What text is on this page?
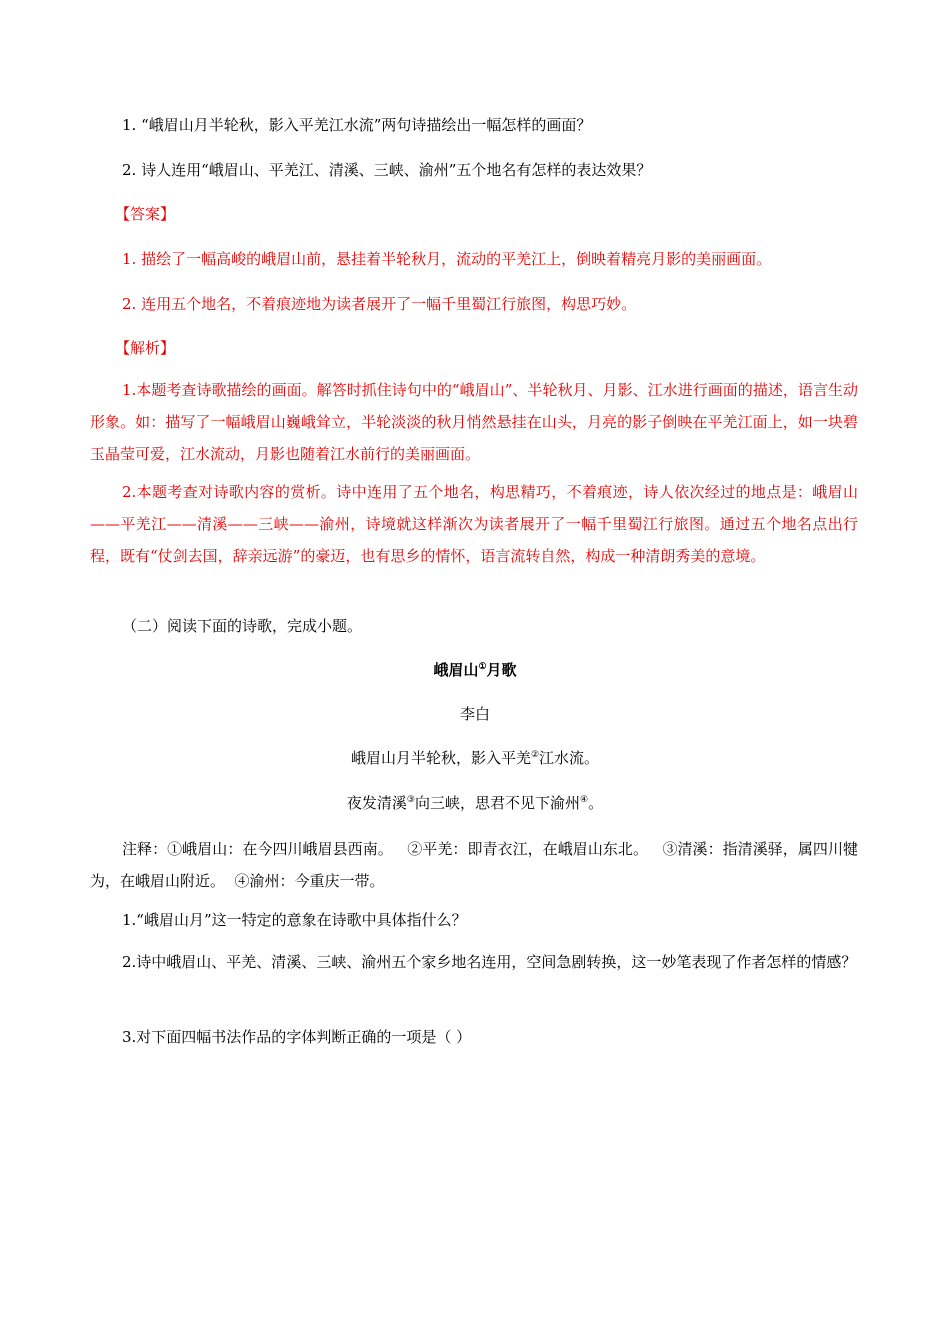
1. “峨眉山月半轮秋，影入平羌江水流”两句诗描绘出一幅怎样的画面？
2. 诗人连用“峨眉山、平羌江、清溪、三峡、渝州”五个地名有怎样的表达效果？
【答案】
1. 描绘了一幅高峻的峨眉山前，悬挂着半轮秋月，流动的平羌江上，倒映着精亮月影的美丽画面。
2. 连用五个地名，不着痕迹地为读者展开了一幅千里蜀江行旅图，构思巧妙。
【解析】
1.本题考查诗歌描绘的画面。解答时抓住诗句中的“峨眉山”、半轮秋月、月影、江水进行画面的描述，语言生动形象。如：描写了一幅峨眉山巍峨耸立，半轮淡淡的秋月悄然悬挂在山头，月亮的影子倒映在平羌江面上，如一块碧玉晶莹可爱，江水流动，月影也随着江水前行的美丽画面。
2.本题考查对诗歌内容的赏析。诗中连用了五个地名，构思精巧，不着痕迹，诗人依次经过的地点是：峨眉山——平羌江——清溪——三峡——渝州，诗境就这样渐次为读者展开了一幅千里蜀江行旅图。通过五个地名点出行程，既有“仗剑去国，辞亲远游”的豪迈，也有思乡的情怀，语言流转自然，构成一种清朗秀美的意境。
（二）阅读下面的诗歌，完成小题。
峨眉山①月歌
李白
峨眉山月半轮秋，影入平羌②江水流。
夜发清溪③向三峡，思君不见下渝州④。
注释：①峨眉山：在今四川峨眉县西南。   ②平羌：即青衣江，在峨眉山东北。   ③清溪：指清溪驿，属四川犍为，在峨眉山附近。  ④渝州：今重庆一带。
1.“峨眉山月”这一特定的意象在诗歌中具体指什么？
2.诗中峨眉山、平羌、清溪、三峡、渝州五个家乡地名连用，空间急剧转换，这一妙笔表现了作者怎样的情感？
3.对下面四幅书法作品的字体判断正确的一项是（ ）
